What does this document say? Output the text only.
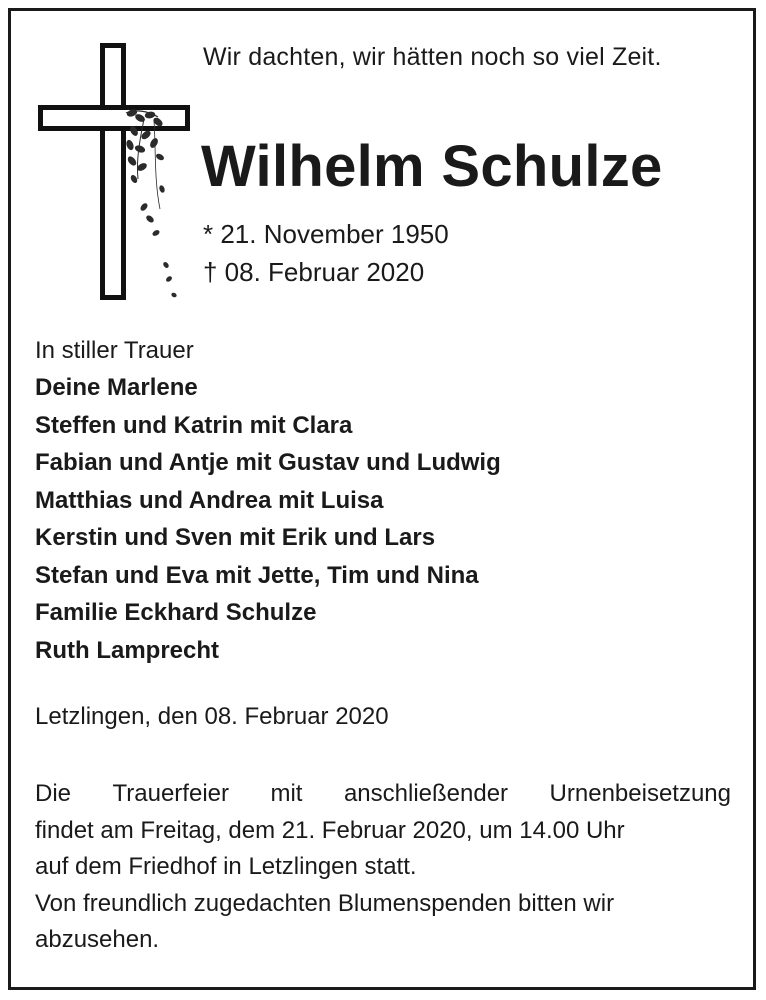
Wir dachten, wir hätten noch so viel Zeit.
Wilhelm Schulze
* 21. November 1950
† 08. Februar 2020
In stiller Trauer
Deine Marlene
Steffen und Katrin mit Clara
Fabian und Antje mit Gustav und Ludwig
Matthias und Andrea mit Luisa
Kerstin und Sven mit Erik und Lars
Stefan und Eva mit Jette, Tim und Nina
Familie Eckhard Schulze
Ruth Lamprecht
Letzlingen, den 08. Februar 2020
Die Trauerfeier mit anschließender Urnenbeisetzung
findet am Freitag, dem 21. Februar 2020, um 14.00 Uhr
auf dem Friedhof in Letzlingen statt.
Von freundlich zugedachten Blumenspenden bitten wir
abzusehen.
